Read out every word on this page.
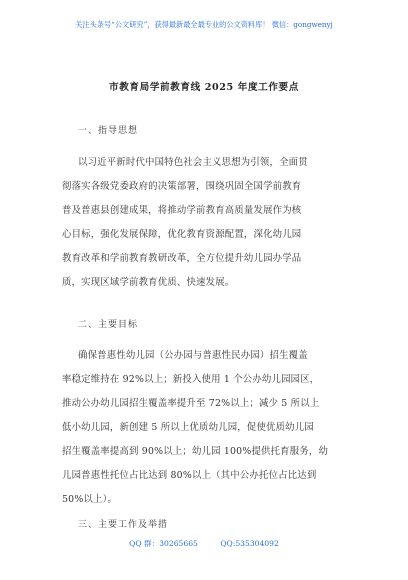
关注头条号“公文研究”，获得最新最全最专业的公文资料库！ 微信：gongwenyj
市教育局学前教育线 2025 年度工作要点
一、指导思想
以习近平新时代中国特色社会主义思想为引领，全面贯
彻落实各级党委政府的决策部署，围绕巩固全国学前教育
普及普惠县创建成果，将推动学前教育高质量发展作为核
心目标，强化发展保障，优化教育资源配置，深化幼儿园
教育改革和学前教育教研改革，全方位提升幼儿园办学品
质，实现区域学前教育优质、快速发展。
二、主要目标
确保普惠性幼儿园（公办园与普惠性民办园）招生覆盖
率稳定维持在 92%以上；新投入使用 1 个公办幼儿园园区，
推动公办幼儿园招生覆盖率提升至 72%以上；减少 5 所以上
低小幼儿园，新创建 5 所以上优质幼儿园，促使优质幼儿园
招生覆盖率提高到 90%以上；幼儿园 100%提供托育服务，幼
儿园普惠性托位占比达到 80%以上（其中公办托位占比达到
50%以上）。
三、主要工作及举措
QQ 群：30265665	QQ:535304092
